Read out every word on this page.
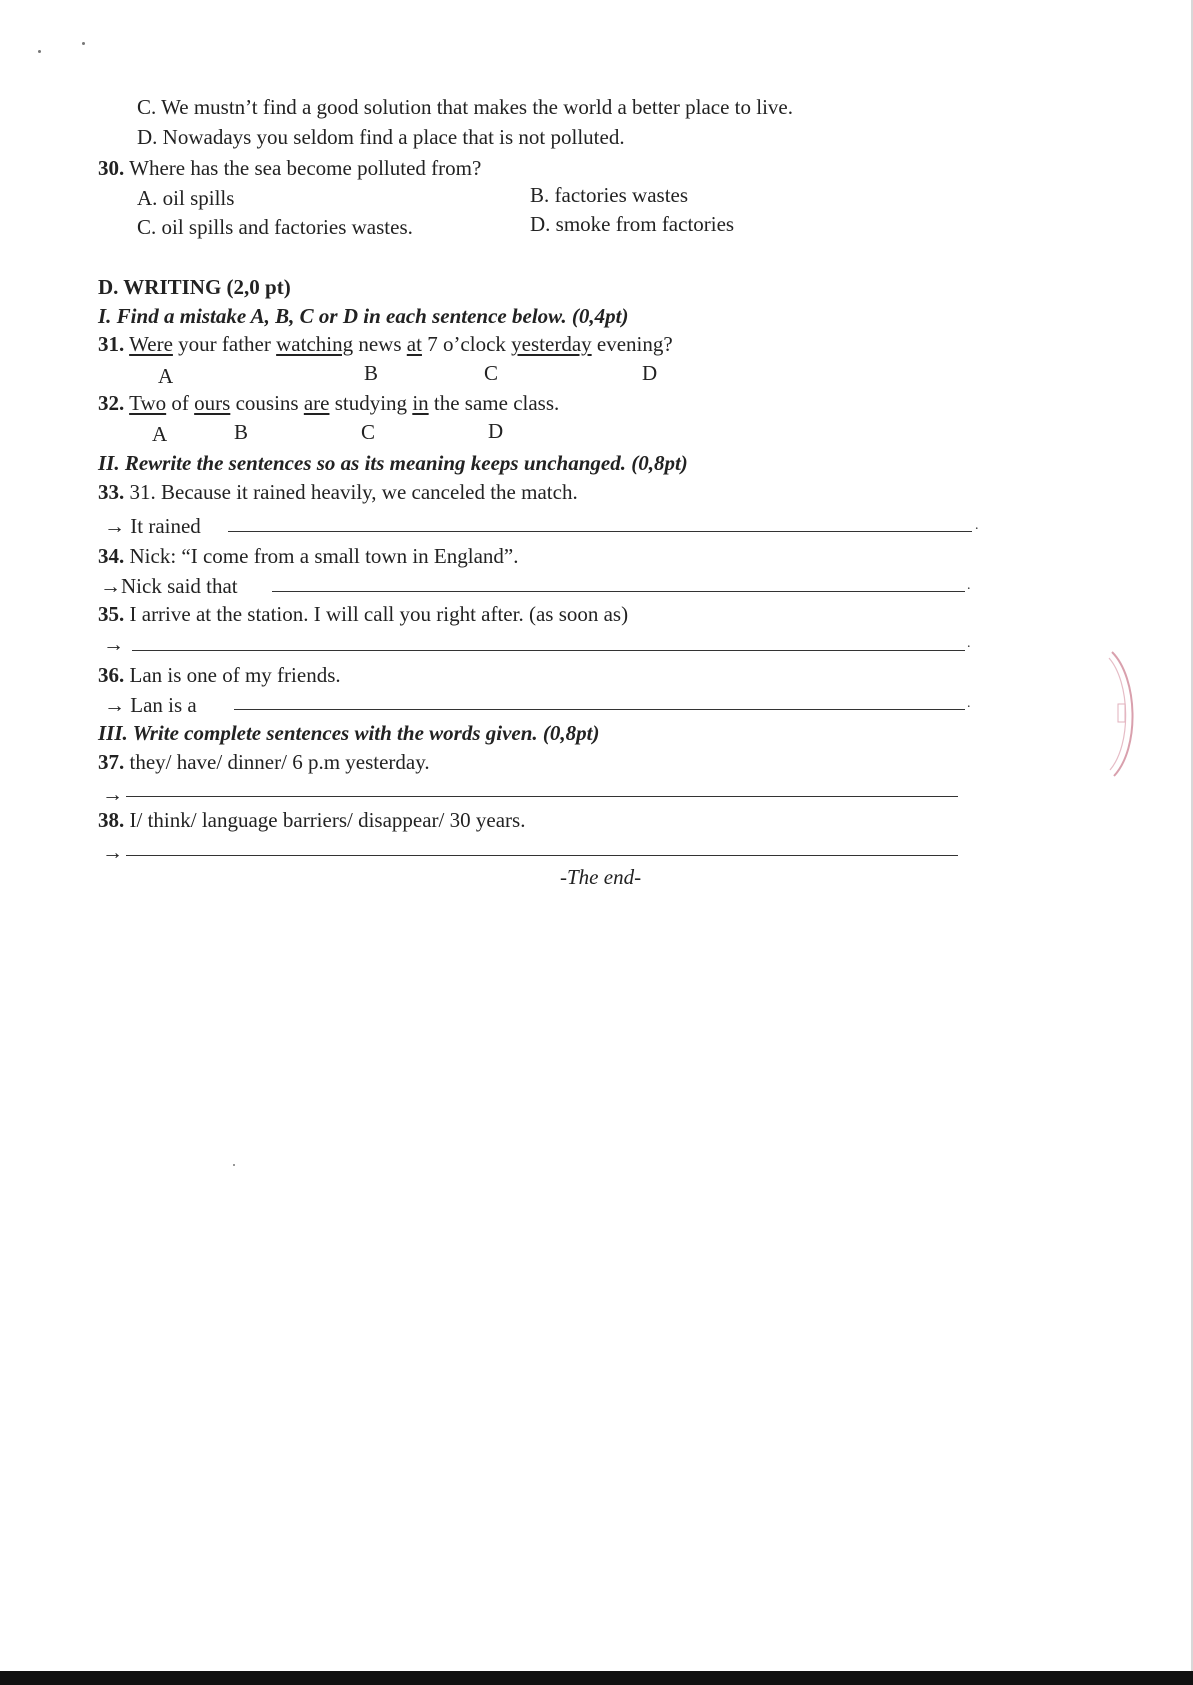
C. We mustn’t find a good solution that makes the world a better place to live.
D. Nowadays you seldom find a place that is not polluted.
30. Where has the sea become polluted from?
A. oil spills	B. factories wastes
C. oil spills and factories wastes.	D. smoke from factories
D. WRITING (2,0 pt)
I. Find a mistake A, B, C or D in each sentence below. (0,4pt)
31. Were your father watching news at 7 o’clock yesterday evening?
A	B	C	D
32. Two of ours cousins are studying in the same class.
A	B	C	D
II. Rewrite the sentences so as its meaning keeps unchanged. (0,8pt)
33. 31. Because it rained heavily, we canceled the match.
→ It rained	.
34. Nick: “I come from a small town in England”.
→Nick said that	.
35. I arrive at the station. I will call you right after. (as soon as)
→	.
36. Lan is one of my friends.
→ Lan is a	.
III. Write complete sentences with the words given. (0,8pt)
37. they/ have/ dinner/ 6 p.m yesterday.
→
38. I/ think/ language barriers/ disappear/ 30 years.
→
-The end-
